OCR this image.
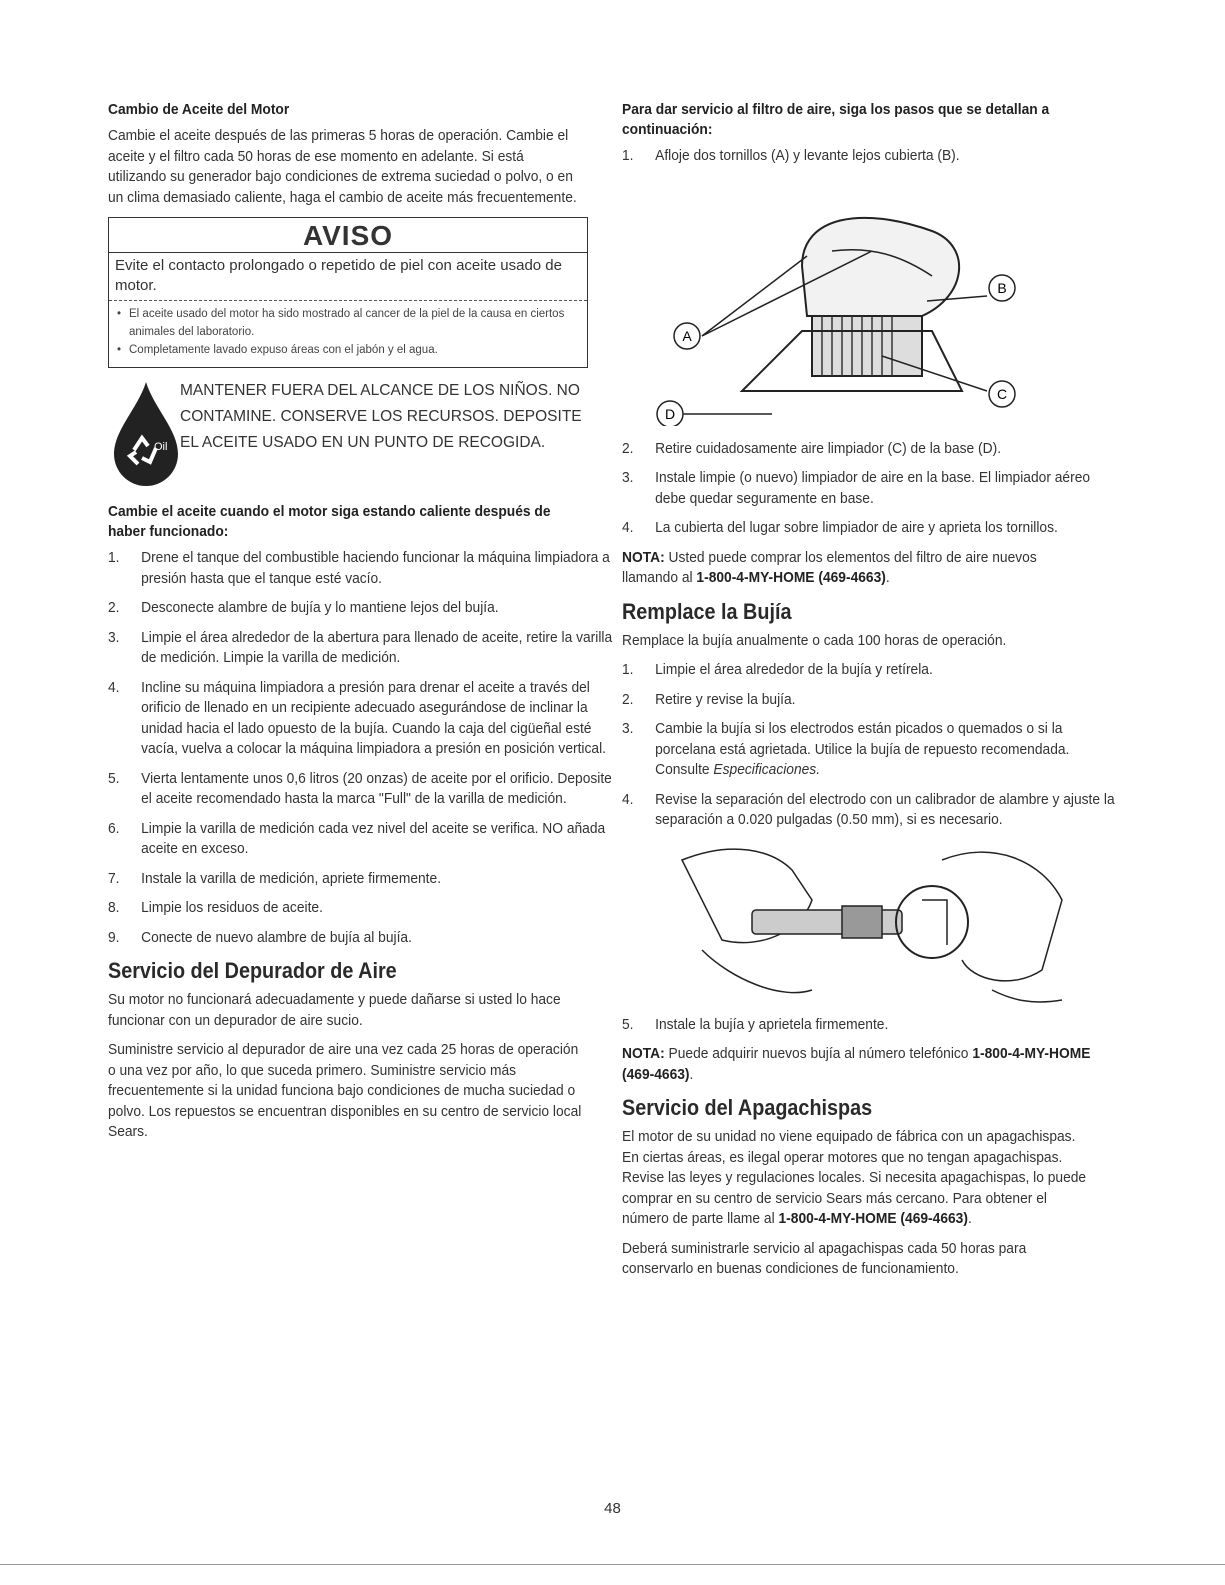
Cambio de Aceite del Motor

Cambie el aceite después de las primeras 5 horas de operación. Cambie el aceite y el filtro cada 50 horas de ese momento en adelante. Si está utilizando su generador bajo condiciones de extrema suciedad o polvo, o en un clima demasiado caliente, haga el cambio de aceite más frecuentemente.

AVISO
Evite el contacto prolongado o repetido de piel con aceite usado de motor.
• El aceite usado del motor ha sido mostrado al cancer de la piel de la causa en ciertos animales del laboratorio.
• Completamente lavado expuso áreas con el jabón y el agua.
Oil
MANTENER FUERA DEL ALCANCE DE LOS NIÑOS. NO CONTAMINE. CONSERVE LOS RECURSOS. DEPOSITE EL ACEITE USADO EN UN PUNTO DE RECOGIDA.
Cambie el aceite cuando el motor siga estando caliente después de haber funcionado:
1. Drene el tanque del combustible haciendo funcionar la máquina limpiadora a presión hasta que el tanque esté vacío.
2. Desconecte alambre de bujía y lo mantiene lejos del bujía.
3. Limpie el área alrededor de la abertura para llenado de aceite, retire la varilla de medición. Limpie la varilla de medición.
4. Incline su máquina limpiadora a presión para drenar el aceite a través del orificio de llenado en un recipiente adecuado asegurándose de inclinar la unidad hacia el lado opuesto de la bujía. Cuando la caja del cigüeñal esté vacía, vuelva a colocar la máquina limpiadora a presión en posición vertical.
5. Vierta lentamente unos 0,6 litros (20 onzas) de aceite por el orificio. Deposite el aceite recomendado hasta la marca "Full" de la varilla de medición.
6. Limpie la varilla de medición cada vez nivel del aceite se verifica. NO añada aceite en exceso.
7. Instale la varilla de medición, apriete firmemente.
8. Limpie los residuos de aceite.
9. Conecte de nuevo alambre de bujía al bujía.
Servicio del Depurador de Aire

Su motor no funcionará adecuadamente y puede dañarse si usted lo hace funcionar con un depurador de aire sucio.

Suministre servicio al depurador de aire una vez cada 25 horas de operación o una vez por año, lo que suceda primero. Suministre servicio más frecuentemente si la unidad funciona bajo condiciones de mucha suciedad o polvo. Los repuestos se encuentran disponibles en su centro de servicio local Sears.

Para dar servicio al filtro de aire, siga los pasos que se detallan a continuación:
1. Afloje dos tornillos (A) y levante lejos cubierta (B).
A
B
C
D
2. Retire cuidadosamente aire limpiador (C) de la base (D).
3. Instale limpie (o nuevo) limpiador de aire en la base. El limpiador aéreo debe quedar seguramente en base.
4. La cubierta del lugar sobre limpiador de aire y aprieta los tornillos.

NOTA: Usted puede comprar los elementos del filtro de aire nuevos llamando al 1-800-4-MY-HOME (469-4663).

Remplace la Bujía

Remplace la bujía anualmente o cada 100 horas de operación.

1. Limpie el área alrededor de la bujía y retírela.
2. Retire y revise la bujía.
3. Cambie la bujía si los electrodos están picados o quemados o si la porcelana está agrietada. Utilice la bujía de repuesto recomendada. Consulte Especificaciones.
4. Revise la separación del electrodo con un calibrador de alambre y ajuste la separación a 0.020 pulgadas (0.50 mm), si es necesario.
5. Instale la bujía y aprietela firmemente.

NOTA: Puede adquirir nuevos bujía al número telefónico 1-800-4-MY-HOME (469-4663).

Servicio del Apagachispas

El motor de su unidad no viene equipado de fábrica con un apagachispas. En ciertas áreas, es ilegal operar motores que no tengan apagachispas. Revise las leyes y regulaciones locales. Si necesita apagachispas, lo puede comprar en su centro de servicio Sears más cercano. Para obtener el número de parte llame al 1-800-4-MY-HOME (469-4663).

Deberá suministrarle servicio al apagachispas cada 50 horas para conservarlo en buenas condiciones de funcionamiento.

48
